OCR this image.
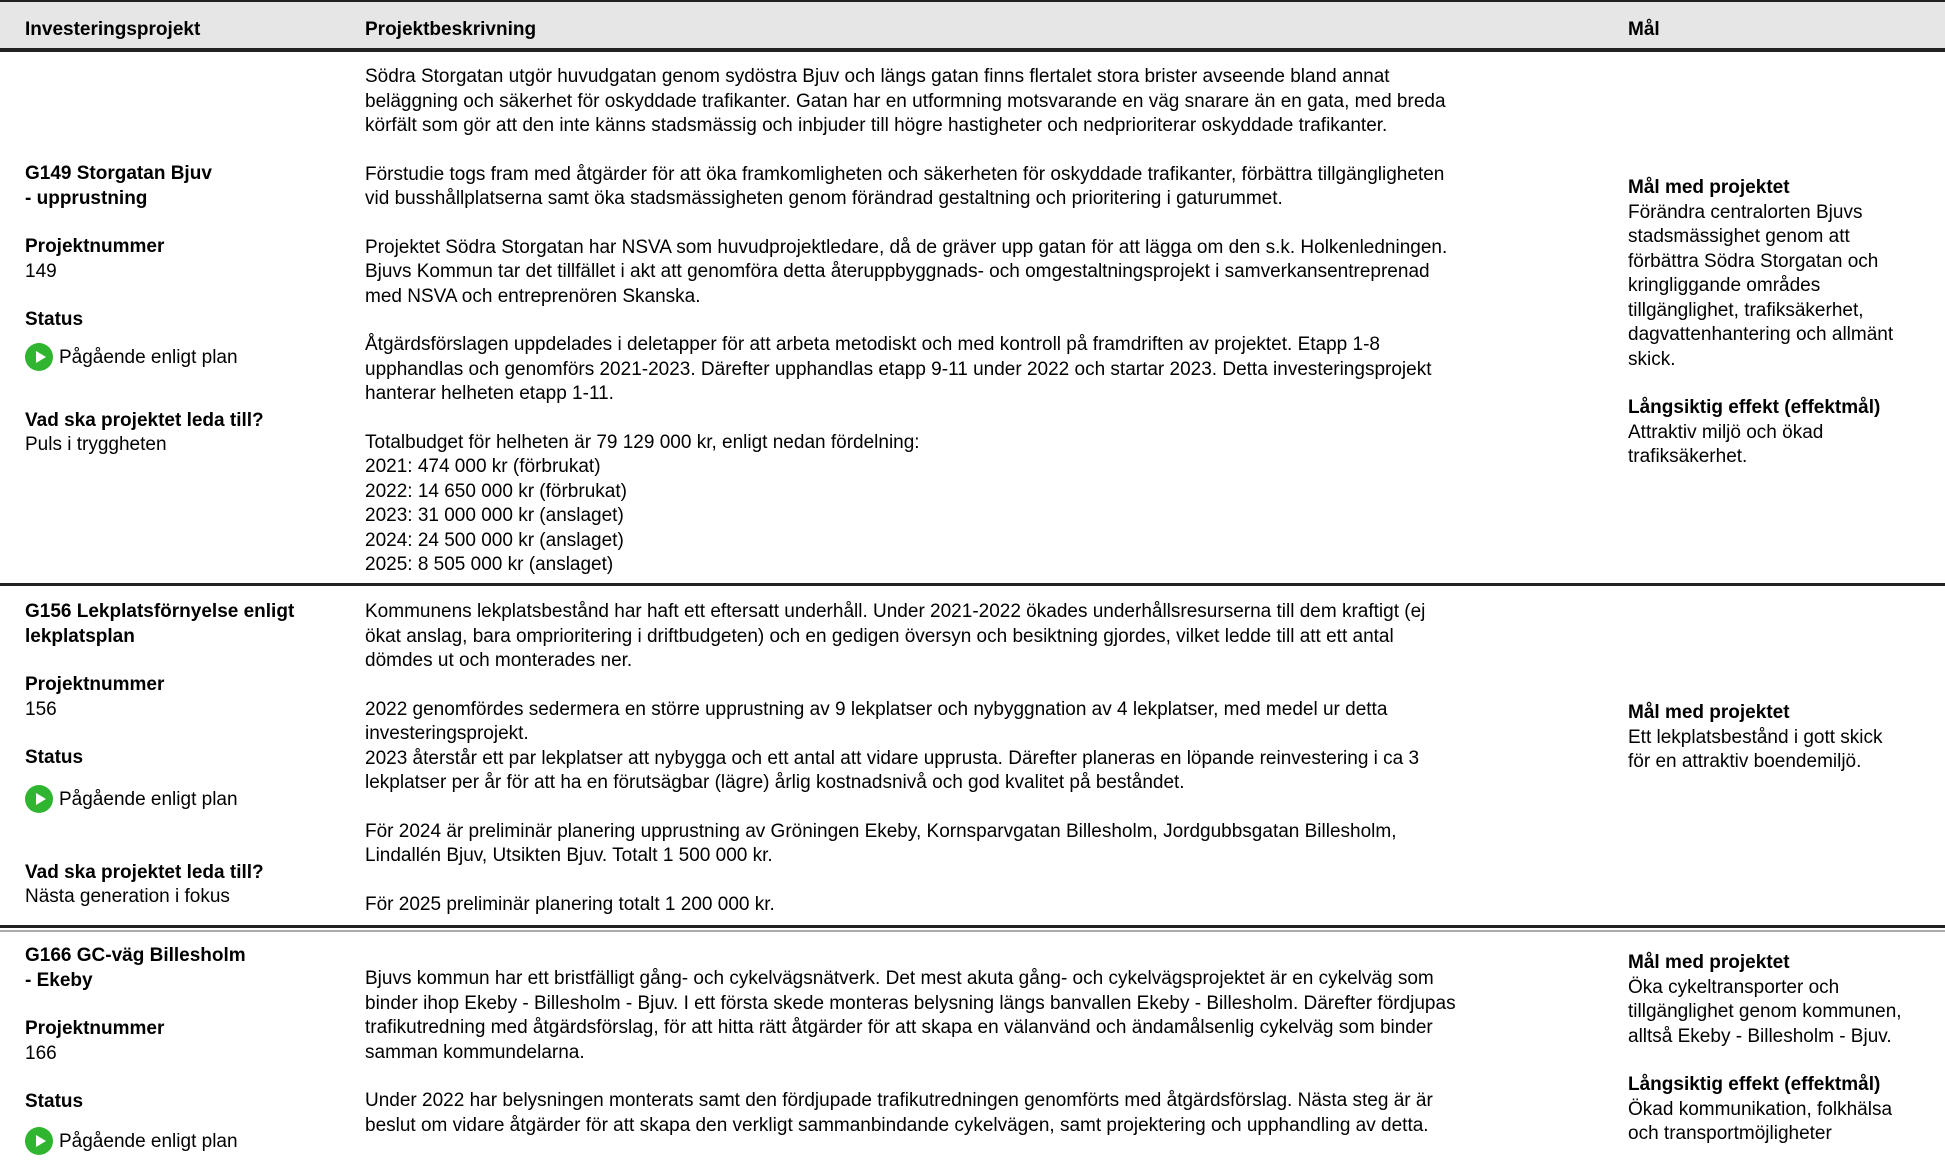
Investeringsprojekt	Projektbeskrivning	Mål
G149 Storgatan Bjuv
- upprustning
Projektnummer
149
Status
Pågående enligt plan
Vad ska projektet leda till?
Puls i tryggheten
Södra Storgatan utgör huvudgatan genom sydöstra Bjuv och längs gatan finns flertalet stora brister avseende bland annat
beläggning och säkerhet för oskyddade trafikanter. Gatan har en utformning motsvarande en väg snarare än en gata, med breda
körfält som gör att den inte känns stadsmässig och inbjuder till högre hastigheter och nedprioriterar oskyddade trafikanter.
Förstudie togs fram med åtgärder för att öka framkomligheten och säkerheten för oskyddade trafikanter, förbättra tillgängligheten
vid busshållplatserna samt öka stadsmässigheten genom förändrad gestaltning och prioritering i gaturummet.
Projektet Södra Storgatan har NSVA som huvudprojektledare, då de gräver upp gatan för att lägga om den s.k. Holkenledningen.
Bjuvs Kommun tar det tillfället i akt att genomföra detta återuppbyggnads- och omgestaltningsprojekt i samverkansentreprenad
med NSVA och entreprenören Skanska.
Åtgärdsförslagen uppdelades i deletapper för att arbeta metodiskt och med kontroll på framdriften av projektet. Etapp 1-8
upphandlas och genomförs 2021-2023. Därefter upphandlas etapp 9-11 under 2022 och startar 2023. Detta investeringsprojekt
hanterar helheten etapp 1-11.
Totalbudget för helheten är 79 129 000 kr, enligt nedan fördelning:
2021: 474 000 kr (förbrukat)
2022: 14 650 000 kr (förbrukat)
2023: 31 000 000 kr (anslaget)
2024: 24 500 000 kr (anslaget)
2025: 8 505 000 kr (anslaget)
Mål med projektet
Förändra centralorten Bjuvs
stadsmässighet genom att
förbättra Södra Storgatan och
kringliggande områdes
tillgänglighet, trafiksäkerhet,
dagvattenhantering och allmänt
skick.
Långsiktig effekt (effektmål)
Attraktiv miljö och ökad
trafiksäkerhet.
G156 Lekplatsförnyelse enligt
lekplatsplan
Projektnummer
156
Status
Pågående enligt plan
Vad ska projektet leda till?
Nästa generation i fokus
Kommunens lekplatsbestånd har haft ett eftersatt underhåll. Under 2021-2022 ökades underhållsresurserna till dem kraftigt (ej
ökat anslag, bara omprioritering i driftbudgeten) och en gedigen översyn och besiktning gjordes, vilket ledde till att ett antal
dömdes ut och monterades ner.
2022 genomfördes sedermera en större upprustning av 9 lekplatser och nybyggnation av 4 lekplatser, med medel ur detta
investeringsprojekt.
2023 återstår ett par lekplatser att nybygga och ett antal att vidare upprusta. Därefter planeras en löpande reinvestering i ca 3
lekplatser per år för att ha en förutsägbar (lägre) årlig kostnadsnivå och god kvalitet på beståndet.
För 2024 är preliminär planering upprustning av Gröningen Ekeby, Kornsparvgatan Billesholm, Jordgubbsgatan Billesholm,
Lindallén Bjuv, Utsikten Bjuv. Totalt 1 500 000 kr.
För 2025 preliminär planering totalt 1 200 000 kr.
Mål med projektet
Ett lekplatsbestånd i gott skick
för en attraktiv boendemiljö.
G166 GC-väg Billesholm
- Ekeby
Projektnummer
166
Status
Pågående enligt plan
Bjuvs kommun har ett bristfälligt gång- och cykelvägsnätverk. Det mest akuta gång- och cykelvägsprojektet är en cykelväg som
binder ihop Ekeby - Billesholm - Bjuv. I ett första skede monteras belysning längs banvallen Ekeby - Billesholm. Därefter fördjupas
trafikutredning med åtgärdsförslag, för att hitta rätt åtgärder för att skapa en välanvänd och ändamålsenlig cykelväg som binder
samman kommundelarna.
Under 2022 har belysningen monterats samt den fördjupade trafikutredningen genomförts med åtgärdsförslag. Nästa steg är är
beslut om vidare åtgärder för att skapa den verkligt sammanbindande cykelvägen, samt projektering och upphandling av detta.
Mål med projektet
Öka cykeltransporter och
tillgänglighet genom kommunen,
alltså Ekeby - Billesholm - Bjuv.
Långsiktig effekt (effektmål)
Ökad kommunikation, folkhälsa
och transportmöjligheter
